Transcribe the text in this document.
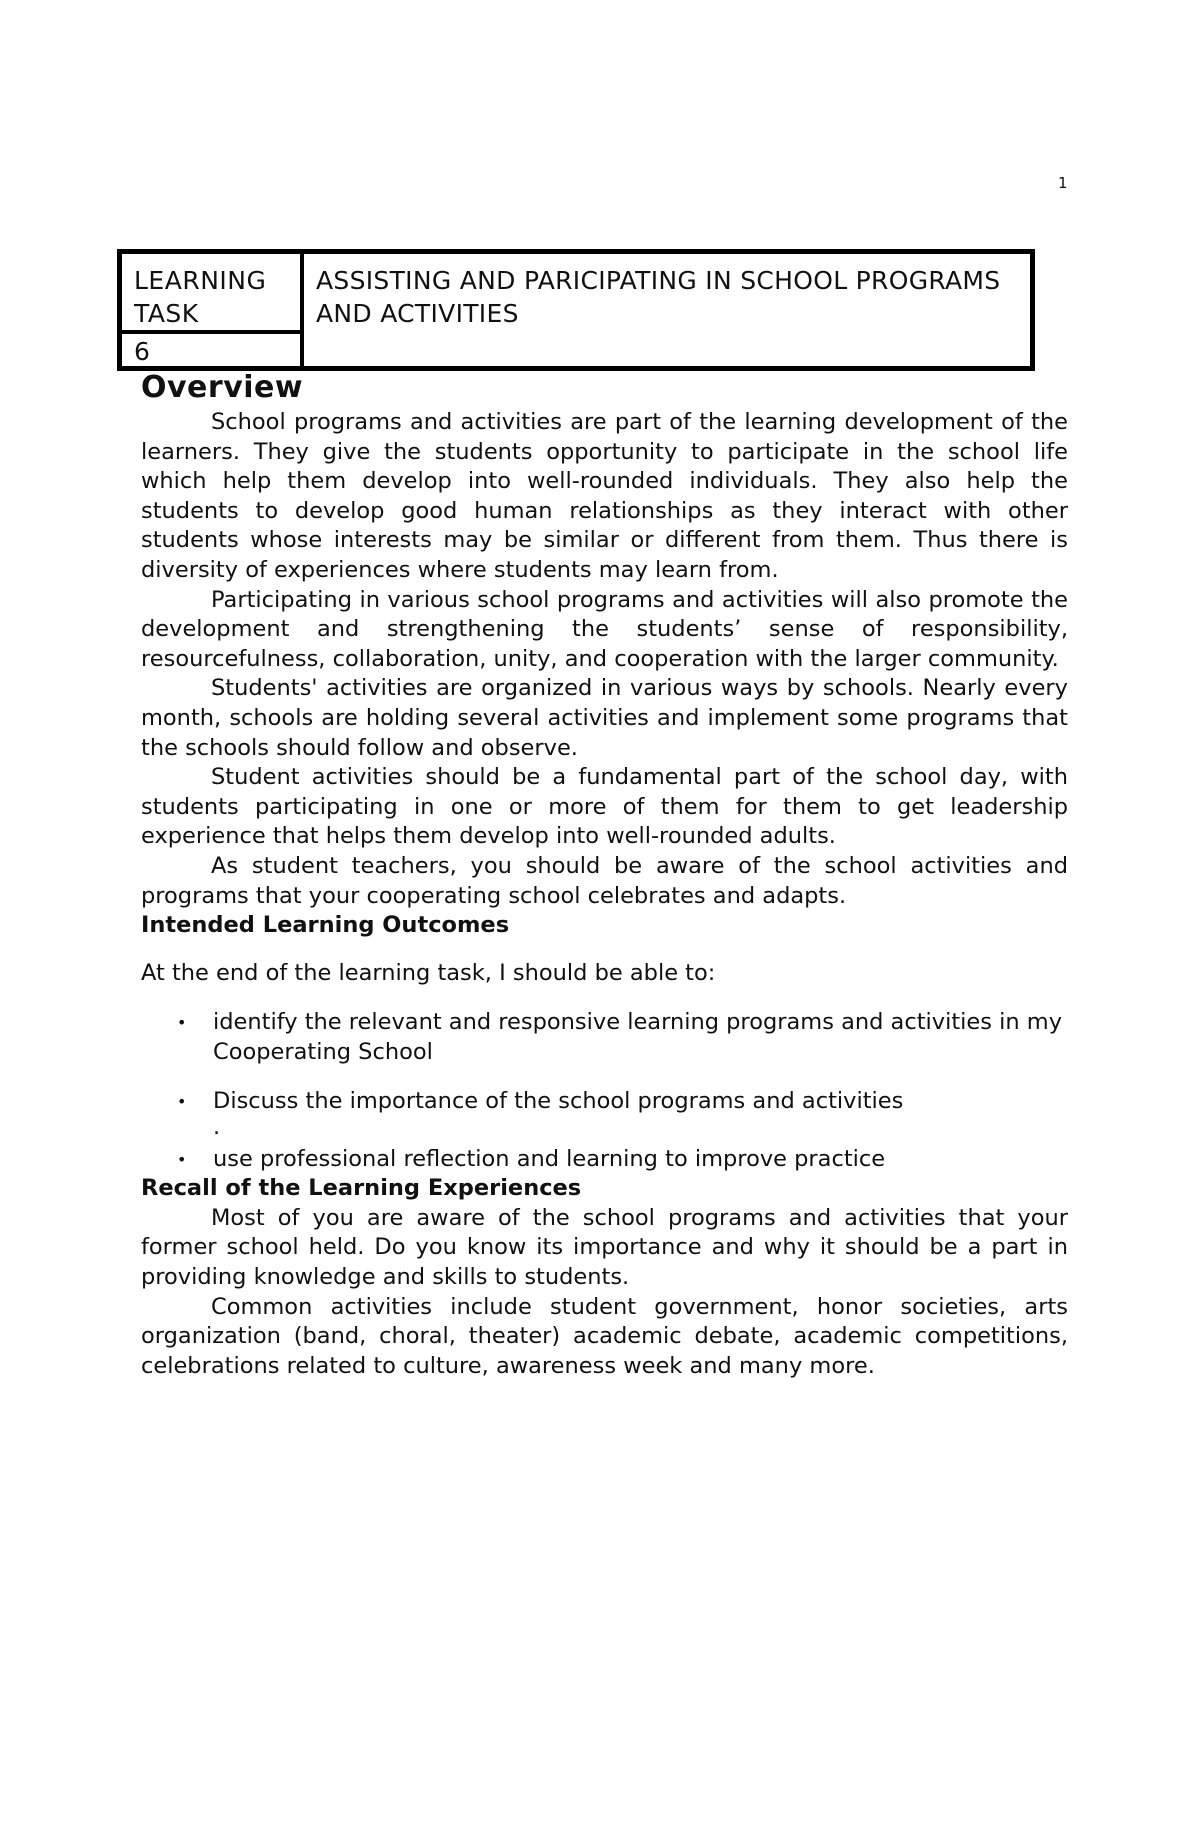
1
LEARNING TASK
6
ASSISTING AND PARICIPATING IN SCHOOL PROGRAMS AND ACTIVITIES
Overview

School programs and activities are part of the learning development of the learners. They give the students opportunity to participate in the school life which help them develop into well-rounded individuals. They also help the students to develop good human relationships as they interact with other students whose interests may be similar or different from them. Thus there is diversity of experiences where students may learn from.

Participating in various school programs and activities will also promote the development and strengthening the students’ sense of responsibility, resourcefulness, collaboration, unity, and cooperation with the larger community.

Students' activities are organized in various ways by schools. Nearly every month, schools are holding several activities and implement some programs that the schools should follow and observe.

Student activities should be a fundamental part of the school day, with students participating in one or more of them for them to get leadership experience that helps them develop into well-rounded adults.

As student teachers, you should be aware of the school activities and programs that your cooperating school celebrates and adapts.

Intended Learning Outcomes
At the end of the learning task, I should be able to:
• identify the relevant and responsive learning programs and activities in my Cooperating School
• Discuss the importance of the school programs and activities
.
• use professional reflection and learning to improve practice
Recall of the Learning Experiences

Most of you are aware of the school programs and activities that your former school held. Do you know its importance and why it should be a part in providing knowledge and skills to students.

Common activities include student government, honor societies, arts organization (band, choral, theater) academic debate, academic competitions, celebrations related to culture, awareness week and many more.
